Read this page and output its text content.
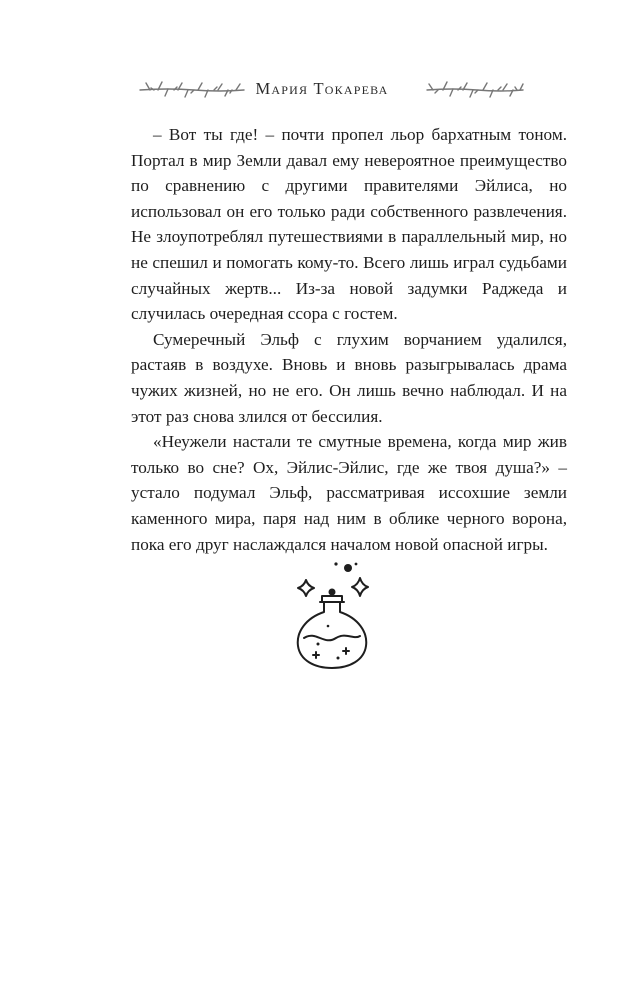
Мария Токарева

– Вот ты где! – почти пропел льор бархатным тоном. Портал в мир Земли давал ему невероятное преимущество по сравнению с другими правителями Эйлиса, но использовал он его только ради собственного развлечения. Не злоупотреблял путешествиями в параллельный мир, но не спешил и помогать кому-то. Всего лишь играл судьбами случайных жертв... Из-за новой задумки Раджеда и случилась очередная ссора с гостем.

Сумеречный Эльф с глухим ворчанием удалился, растаяв в воздухе. Вновь и вновь разыгрывалась драма чужих жизней, но не его. Он лишь вечно наблюдал. И на этот раз снова злился от бессилия.

«Неужели настали те смутные времена, когда мир жив только во сне? Ох, Эйлис-Эйлис, где же твоя душа?» – устало подумал Эльф, рассматривая иссохшие земли каменного мира, паря над ним в облике черного ворона, пока его друг наслаждался началом новой опасной игры.
